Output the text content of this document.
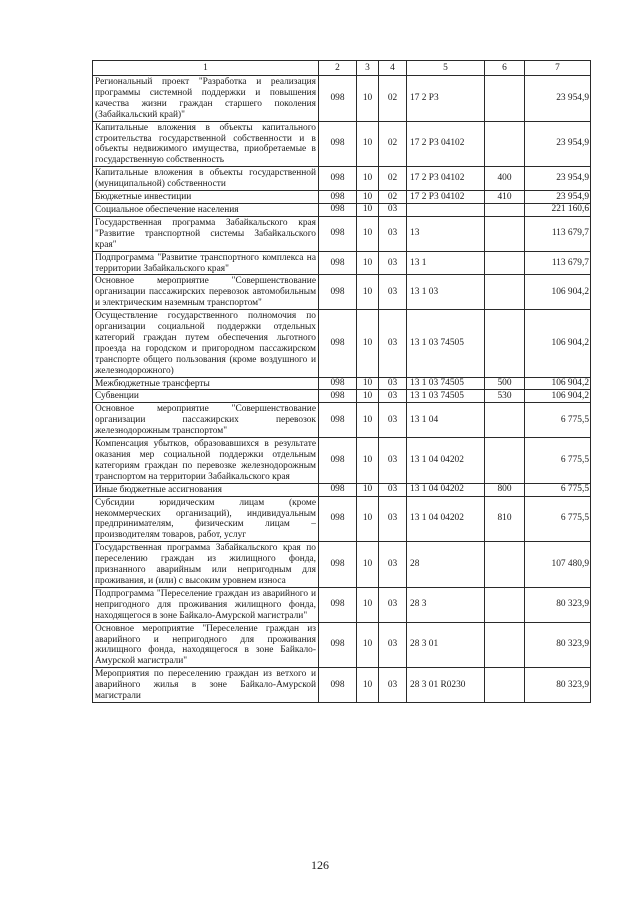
1	2	3	4	5	6	7
Региональный проект "Разработка и реализация программы системной поддержки и повышения качества жизни граждан старшего поколения (Забайкальский край)"	098	10	02	17 2 P3		23 954,9
Капитальные вложения в объекты капитального строительства государственной собственности и в объекты недвижимого имущества, приобретаемые в государственную собственность	098	10	02	17 2 P3 04102		23 954,9
Капитальные вложения в объекты государственной (муниципальной) собственности	098	10	02	17 2 P3 04102	400	23 954,9
Бюджетные инвестиции	098	10	02	17 2 P3 04102	410	23 954,9
Социальное обеспечение населения	098	10	03			221 160,6
Государственная программа Забайкальского края "Развитие транспортной системы Забайкальского края"	098	10	03	13		113 679,7
Подпрограмма "Развитие транспортного комплекса на территории Забайкальского края"	098	10	03	13 1		113 679,7
Основное мероприятие "Совершенствование организации пассажирских перевозок автомобильным и электрическим наземным транспортом"	098	10	03	13 1 03		106 904,2
Осуществление государственного полномочия по организации социальной поддержки отдельных категорий граждан путем обеспечения льготного проезда на городском и пригородном пассажирском транспорте общего пользования (кроме воздушного и железнодорожного)	098	10	03	13 1 03 74505		106 904,2
Межбюджетные трансферты	098	10	03	13 1 03 74505	500	106 904,2
Субвенции	098	10	03	13 1 03 74505	530	106 904,2
Основное мероприятие "Совершенствование организации пассажирских перевозок железнодорожным транспортом"	098	10	03	13 1 04		6 775,5
Компенсация убытков, образовавшихся в результате оказания мер социальной поддержки отдельным категориям граждан по перевозке железнодорожным транспортом на территории Забайкальского края	098	10	03	13 1 04 04202		6 775,5
Иные бюджетные ассигнования	098	10	03	13 1 04 04202	800	6 775,5
Субсидии юридическим лицам (кроме некоммерческих организаций), индивидуальным предпринимателям, физическим лицам – производителям товаров, работ, услуг	098	10	03	13 1 04 04202	810	6 775,5
Государственная программа Забайкальского края по переселению граждан из жилищного фонда, признанного аварийным или непригодным для проживания, и (или) с высоким уровнем износа	098	10	03	28		107 480,9
Подпрограмма "Переселение граждан из аварийного и непригодного для проживания жилищного фонда, находящегося в зоне Байкало-Амурской магистрали"	098	10	03	28 3		80 323,9
Основное мероприятие "Переселение граждан из аварийного и непригодного для проживания жилищного фонда, находящегося в зоне Байкало-Амурской магистрали"	098	10	03	28 3 01		80 323,9
Мероприятия по переселению граждан из ветхого и аварийного жилья в зоне Байкало-Амурской магистрали	098	10	03	28 3 01 R0230		80 323,9
126
